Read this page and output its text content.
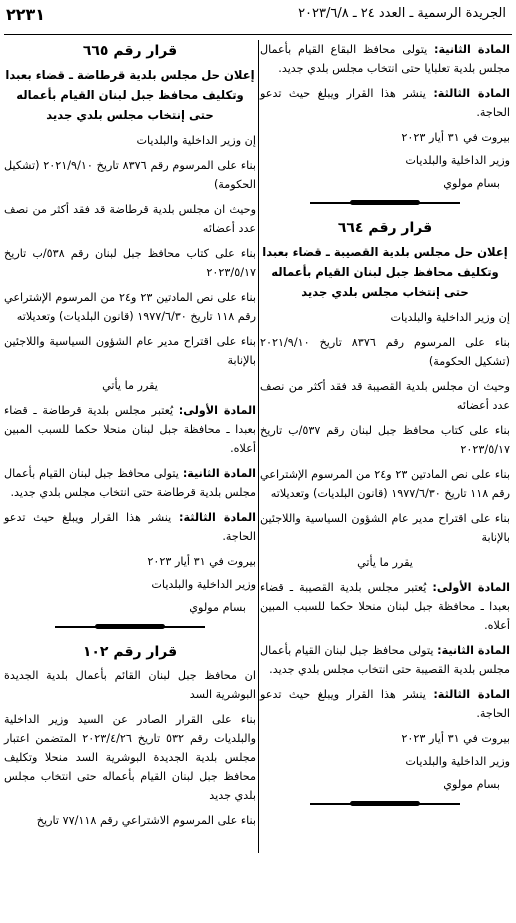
الجريدة الرسمية ـ العدد ٢٤ ـ ٢٠٢٣/٦/٨
٢٢٣١

المادة الثانية: يتولى محافظ البقاع القيام بأعمال مجلس بلدية تعلبايا حتى انتخاب مجلس بلدي جديد.

المادة الثالثة: ينشر هذا القرار ويبلغ حيث تدعو الحاجة.

بيروت في ٣١ أيار ٢٠٢٣

وزير الداخلية والبلديات

بسام مولوي

قرار رقم ٦٦٤
إعلان حل مجلس بلدية القصيبة ـ قضاء بعبدا وتكليف محافظ جبل لبنان القيام بأعماله حتى إنتخاب مجلس بلدي جديد

إن وزير الداخلية والبلديات

بناء على المرسوم رقم ٨٣٧٦ تاريخ ٢٠٢١/٩/١٠ (تشكيل الحكومة)

وحيث ان مجلس بلدية القصيبة قد فقد أكثر من نصف عدد أعضائه

بناء على كتاب محافظ جبل لبنان رقم ٥٣٧/ب تاريخ ٢٠٢٣/٥/١٧

بناء على نص المادتين ٢٣ و٢٤ من المرسوم الإشتراعي رقم ١١٨ تاريخ ١٩٧٧/٦/٣٠ (قانون البلديات) وتعديلاته

بناء على اقتراح مدير عام الشؤون السياسية واللاجئين بالإنابة

يقرر ما يأتي

المادة الأولى: يُعتبر مجلس بلدية القصيبة ـ قضاء بعبدا ـ محافظة جبل لبنان منحلا حكما للسبب المبين أعلاه.

المادة الثانية: يتولى محافظ جبل لبنان القيام بأعمال مجلس بلدية القصيبة حتى انتخاب مجلس بلدي جديد.

المادة الثالثة: ينشر هذا القرار ويبلغ حيث تدعو الحاجة.

بيروت في ٣١ أيار ٢٠٢٣

وزير الداخلية والبلديات

بسام مولوي

قرار رقم ٦٦٥
إعلان حل مجلس بلدية قرطاضة ـ قضاء بعبدا وتكليف محافظ جبل لبنان القيام بأعماله حتى إنتخاب مجلس بلدي جديد

إن وزير الداخلية والبلديات

بناء على المرسوم رقم ٨٣٧٦ تاريخ ٢٠٢١/٩/١٠ (تشكيل الحكومة)

وحيث ان مجلس بلدية قرطاضة قد فقد أكثر من نصف عدد أعضائه

بناء على كتاب محافظ جبل لبنان رقم ٥٣٨/ب تاريخ ٢٠٢٣/٥/١٧

بناء على نص المادتين ٢٣ و٢٤ من المرسوم الإشتراعي رقم ١١٨ تاريخ ١٩٧٧/٦/٣٠ (قانون البلديات) وتعديلاته

بناء على اقتراح مدير عام الشؤون السياسية واللاجئين بالإنابة

يقرر ما يأتي

المادة الأولى: يُعتبر مجلس بلدية قرطاضة ـ قضاء بعبدا ـ محافظة جبل لبنان منحلا حكما للسبب المبين أعلاه.

المادة الثانية: يتولى محافظ جبل لبنان القيام بأعمال مجلس بلدية قرطاضة حتى انتخاب مجلس بلدي جديد.

المادة الثالثة: ينشر هذا القرار ويبلغ حيث تدعو الحاجة.

بيروت في ٣١ أيار ٢٠٢٣

وزير الداخلية والبلديات

بسام مولوي

قرار رقم ١٠٢

ان محافظ جبل لبنان القائم بأعمال بلدية الجديدة البوشرية السد

بناء على القرار الصادر عن السيد وزير الداخلية والبلديات رقم ٥٣٢ تاريخ ٢٠٢٣/٤/٢٦ المتضمن اعتبار مجلس بلدية الجديدة البوشرية السد منحلا وتكليف محافظ جبل لبنان القيام بأعماله حتى انتخاب مجلس بلدي جديد

بناء على المرسوم الاشتراعي رقم ٧٧/١١٨ تاريخ
